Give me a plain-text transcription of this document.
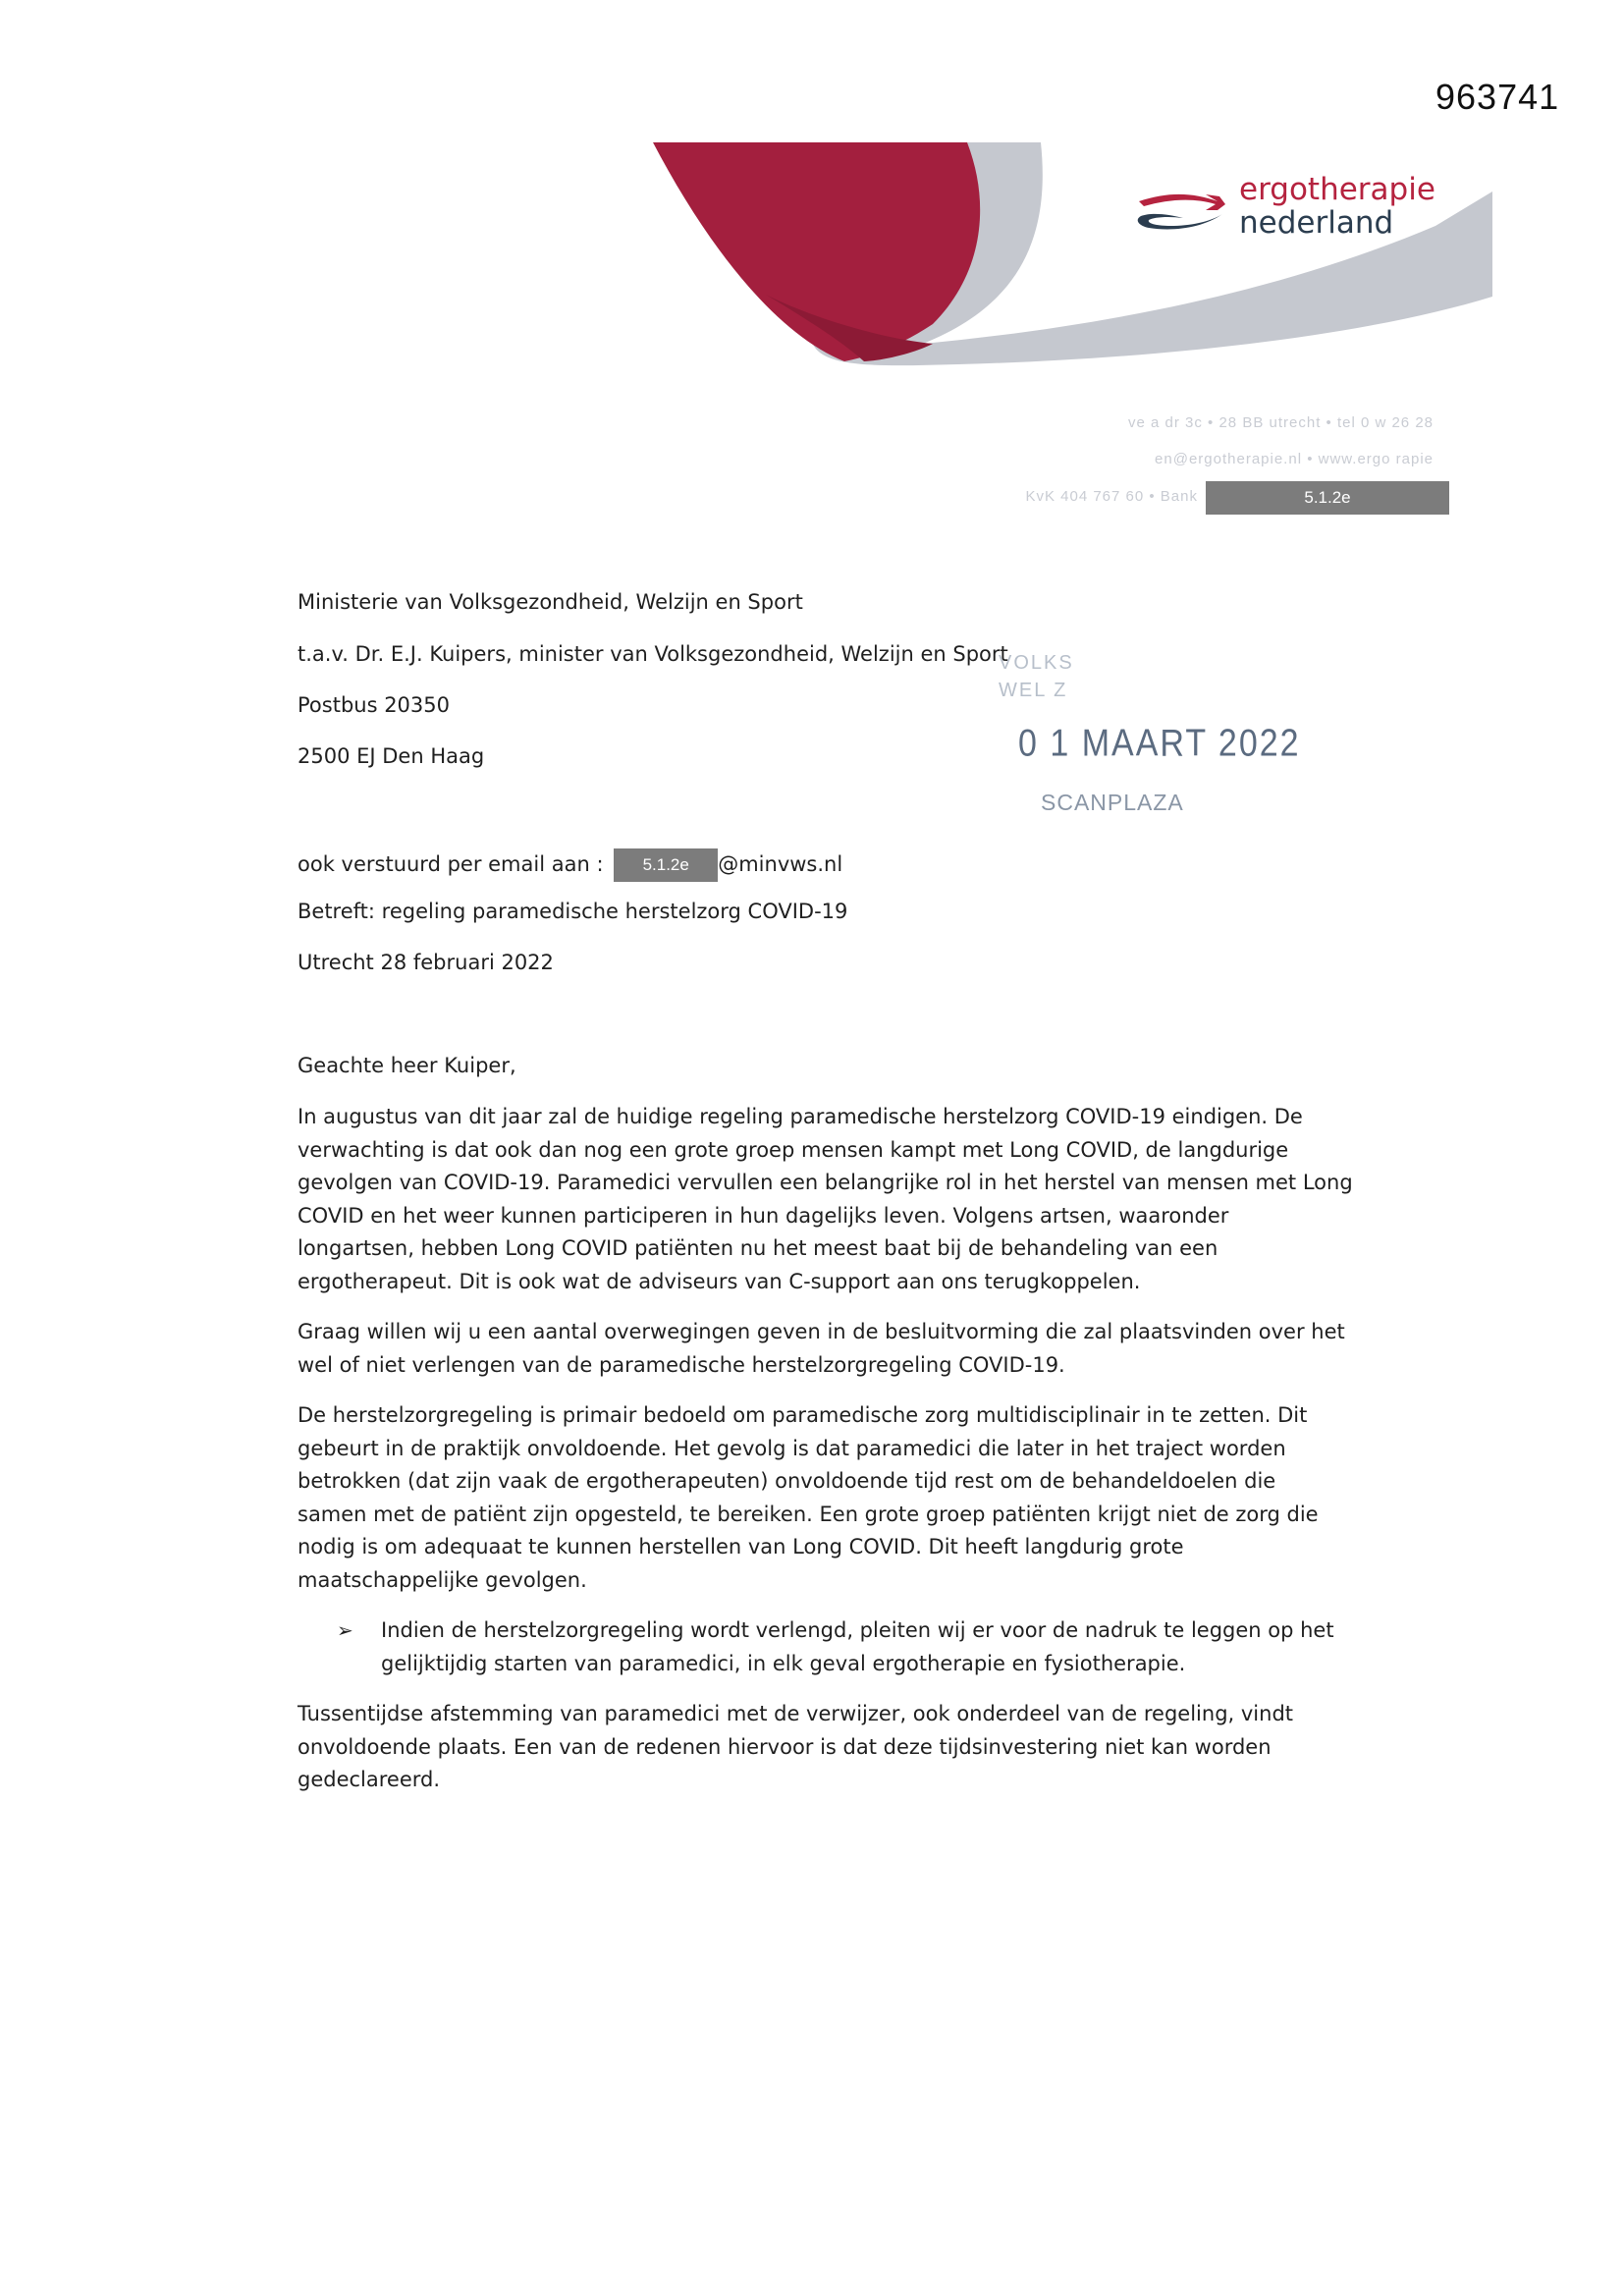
963741
ergotherapie
nederland
ve a dr 3c • 28 BB utrecht • tel 0 w 26 28
en@ergotherapie.nl • www.ergo rapie
KvK 404 767 60 • Bank	5.1.2e
Ministerie van Volksgezondheid, Welzijn en Sport
t.a.v. Dr. E.J. Kuipers, minister van Volksgezondheid, Welzijn en Sport
Postbus 20350
2500 EJ Den Haag
VOLKS
WEL Z
0 1 MAART 2022
SCANPLAZA
ook verstuurd per email aan : 5.1.2e @minvws.nl
Betreft: regeling paramedische herstelzorg COVID-19
Utrecht 28 februari 2022
Geachte heer Kuiper,
In augustus van dit jaar zal de huidige regeling paramedische herstelzorg COVID-19 eindigen. De
verwachting is dat ook dan nog een grote groep mensen kampt met Long COVID, de langdurige
gevolgen van COVID-19. Paramedici vervullen een belangrijke rol in het herstel van mensen met Long
COVID en het weer kunnen participeren in hun dagelijks leven. Volgens artsen, waaronder
longartsen, hebben Long COVID patiënten nu het meest baat bij de behandeling van een
ergotherapeut. Dit is ook wat de adviseurs van C-support aan ons terugkoppelen.
Graag willen wij u een aantal overwegingen geven in de besluitvorming die zal plaatsvinden over het
wel of niet verlengen van de paramedische herstelzorgregeling COVID-19.
De herstelzorgregeling is primair bedoeld om paramedische zorg multidisciplinair in te zetten. Dit
gebeurt in de praktijk onvoldoende. Het gevolg is dat paramedici die later in het traject worden
betrokken (dat zijn vaak de ergotherapeuten) onvoldoende tijd rest om de behandeldoelen die
samen met de patiënt zijn opgesteld, te bereiken. Een grote groep patiënten krijgt niet de zorg die
nodig is om adequaat te kunnen herstellen van Long COVID. Dit heeft langdurig grote
maatschappelijke gevolgen.
➢ Indien de herstelzorgregeling wordt verlengd, pleiten wij er voor de nadruk te leggen op het
gelijktijdig starten van paramedici, in elk geval ergotherapie en fysiotherapie.
Tussentijdse afstemming van paramedici met de verwijzer, ook onderdeel van de regeling, vindt
onvoldoende plaats. Een van de redenen hiervoor is dat deze tijdsinvestering niet kan worden
gedeclareerd.
